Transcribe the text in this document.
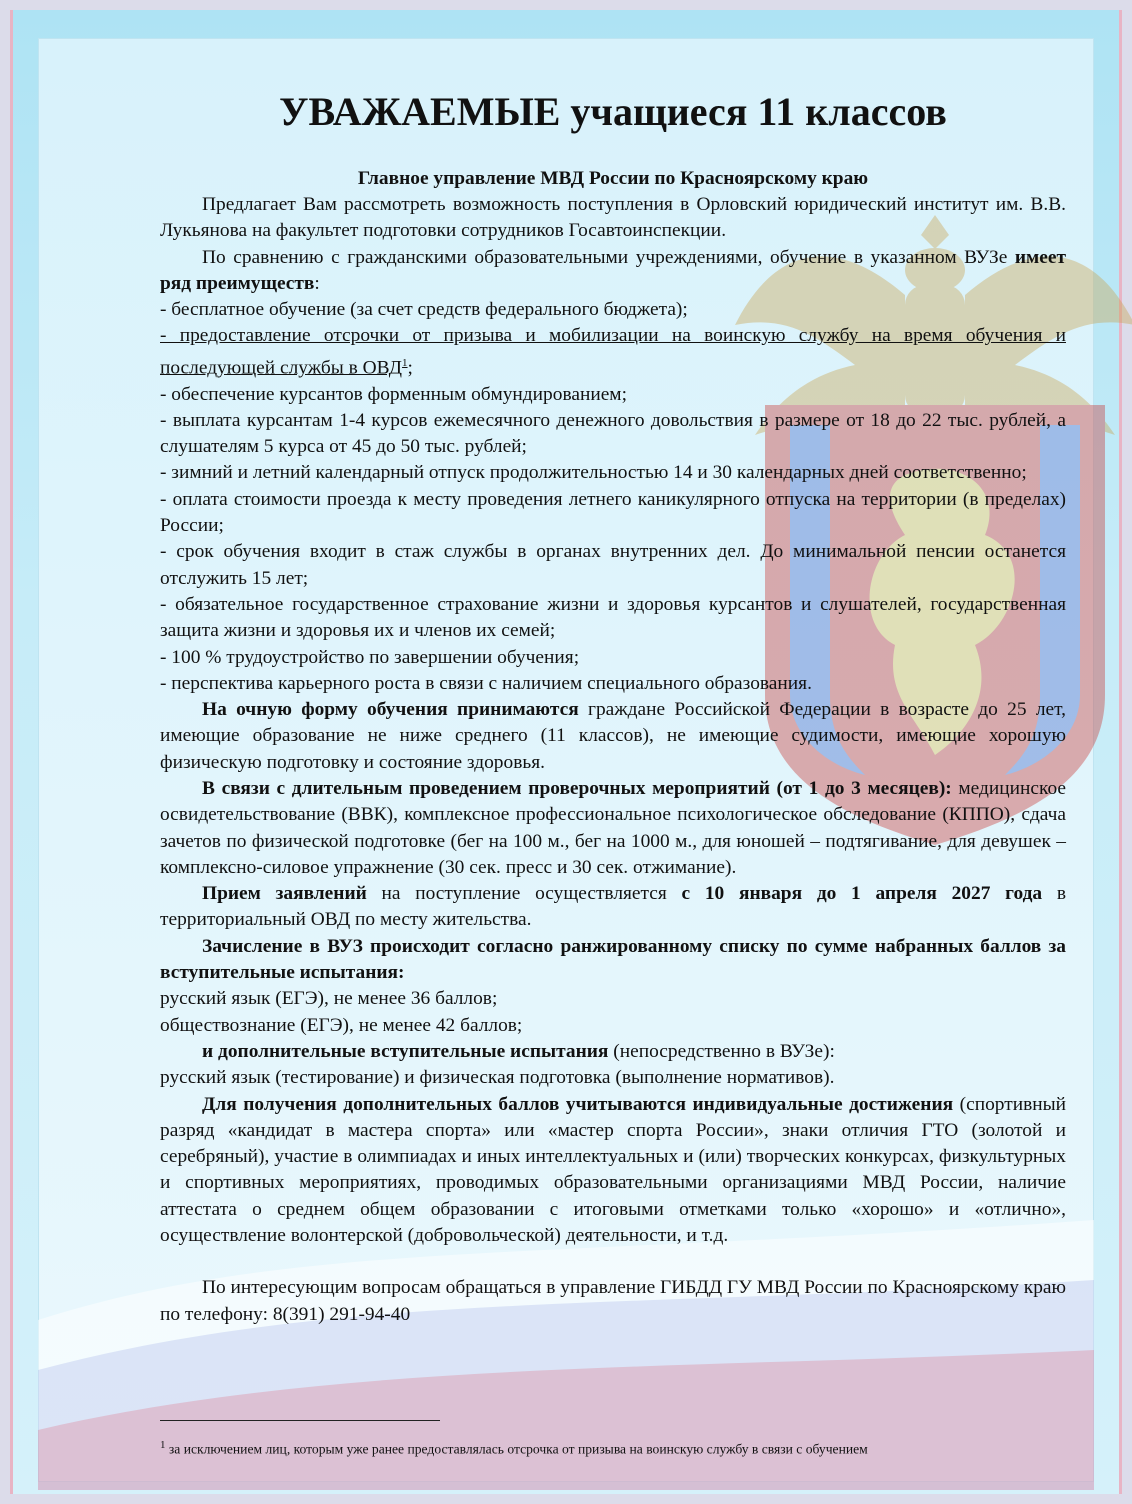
УВАЖАЕМЫЕ учащиеся 11 классов
Главное управление МВД России по Красноярскому краю

Предлагает Вам рассмотреть возможность поступления в Орловский юридический институт им. В.В. Лукьянова на факультет подготовки сотрудников Госавтоинспекции.

По сравнению с гражданскими образовательными учреждениями, обучение в указанном ВУЗе имеет ряд преимуществ:

- бесплатное обучение (за счет средств федерального бюджета);

- предоставление отсрочки от призыва и мобилизации на воинскую службу на время обучения и последующей службы в ОВД$^1$;

- обеспечение курсантов форменным обмундированием;

- выплата курсантам 1-4 курсов ежемесячного денежного довольствия в размере от 18 до 22 тыс. рублей, а слушателям 5 курса от 45 до 50 тыс. рублей;

- зимний и летний календарный отпуск продолжительностью 14 и 30 календарных дней соответственно;

- оплата стоимости проезда к месту проведения летнего каникулярного отпуска на территории (в пределах) России;

- срок обучения входит в стаж службы в органах внутренних дел. До минимальной пенсии останется отслужить 15 лет;

- обязательное государственное страхование жизни и здоровья курсантов и слушателей, государственная защита жизни и здоровья их и членов их семей;

- 100 % трудоустройство по завершении обучения;

- перспектива карьерного роста в связи с наличием специального образования.

На очную форму обучения принимаются граждане Российской Федерации в возрасте до 25 лет, имеющие образование не ниже среднего (11 классов), не имеющие судимости, имеющие хорошую физическую подготовку и состояние здоровья.

В связи с длительным проведением проверочных мероприятий (от 1 до 3 месяцев): медицинское освидетельствование (ВВК), комплексное профессиональное психологическое обследование (КППО), сдача зачетов по физической подготовке (бег на 100 м., бег на 1000 м., для юношей – подтягивание, для девушек – комплексно-силовое упражнение (30 сек. пресс и 30 сек. отжимание).

Прием заявлений на поступление осуществляется с 10 января до 1 апреля 2027 года в территориальный ОВД по месту жительства.

Зачисление в ВУЗ происходит согласно ранжированному списку по сумме набранных баллов за вступительные испытания:

русский язык (ЕГЭ), не менее 36 баллов;

обществознание (ЕГЭ), не менее 42 баллов;

и дополнительные вступительные испытания (непосредственно в ВУЗе):

русский язык (тестирование) и физическая подготовка (выполнение нормативов).

Для получения дополнительных баллов учитываются индивидуальные достижения (спортивный разряд «кандидат в мастера спорта» или «мастер спорта России», знаки отличия ГТО (золотой и серебряный), участие в олимпиадах и иных интеллектуальных и (или) творческих конкурсах, физкультурных и спортивных мероприятиях, проводимых образовательными организациями МВД России, наличие аттестата о среднем общем образовании с итоговыми отметками только «хорошо» и «отлично», осуществление волонтерской (добровольческой) деятельности, и т.д.

По интересующим вопросам обращаться в управление ГИБДД ГУ МВД России по Красноярскому краю по телефону: 8(391) 291-94-40

$^1$ за исключением лиц, которым уже ранее предоставлялась отсрочка от призыва на воинскую службу в связи с обучением
